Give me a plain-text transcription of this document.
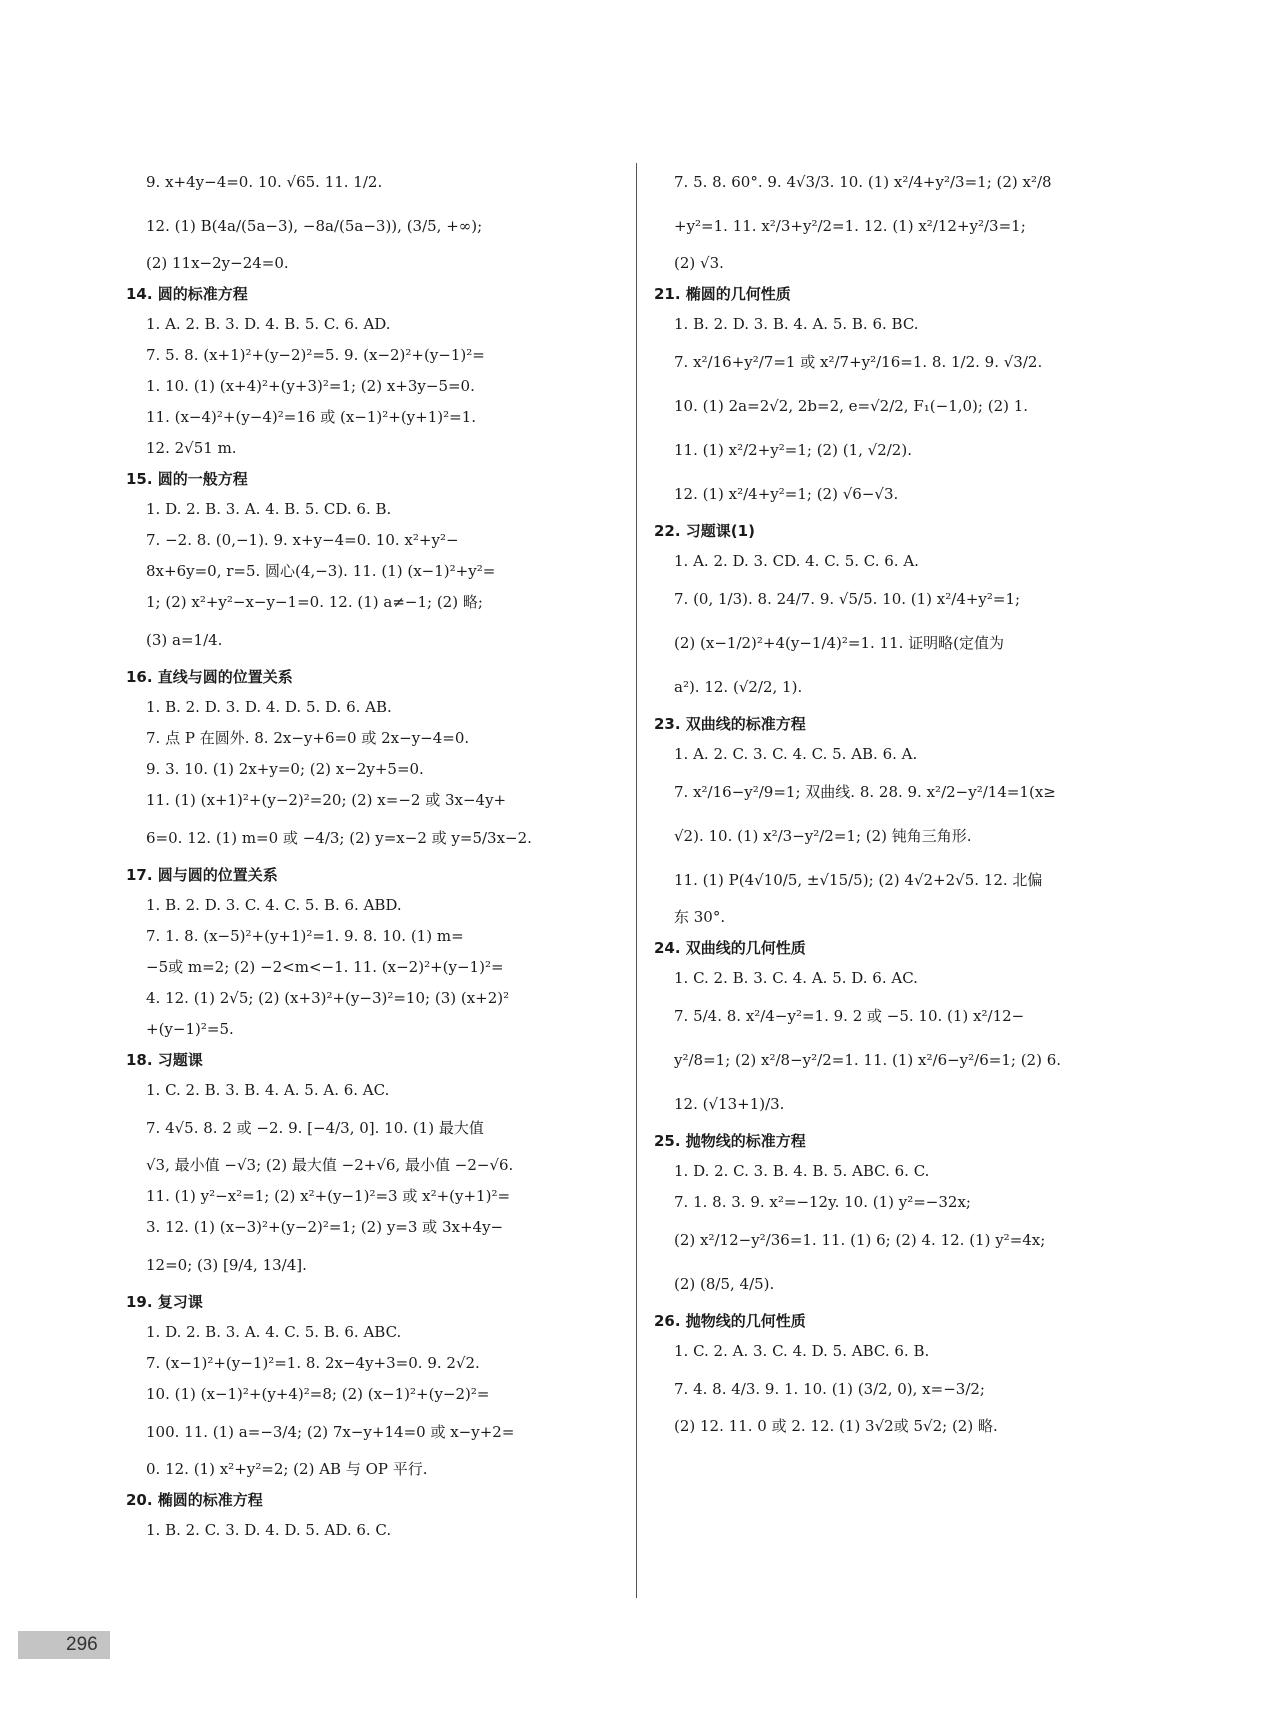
9. x+4y−4=0. 10. √65. 11. 1/2.
12. (1) B(4a/(5a−3), −8a/(5a−3)), (3/5, +∞);
(2) 11x−2y−24=0.
14. 圆的标准方程
1. A. 2. B. 3. D. 4. B. 5. C. 6. AD.
7. 5. 8. (x+1)²+(y−2)²=5. 9. (x−2)²+(y−1)²=
1. 10. (1) (x+4)²+(y+3)²=1; (2) x+3y−5=0.
11. (x−4)²+(y−4)²=16 或 (x−1)²+(y+1)²=1.
12. 2√51 m.
15. 圆的一般方程
1. D. 2. B. 3. A. 4. B. 5. CD. 6. B.
7. −2. 8. (0,−1). 9. x+y−4=0. 10. x²+y²−
8x+6y=0, r=5. 圆心(4,−3). 11. (1) (x−1)²+y²=
1; (2) x²+y²−x−y−1=0. 12. (1) a≠−1; (2) 略;
(3) a=1/4.
16. 直线与圆的位置关系
1. B. 2. D. 3. D. 4. D. 5. D. 6. AB.
7. 点 P 在圆外. 8. 2x−y+6=0 或 2x−y−4=0.
9. 3. 10. (1) 2x+y=0; (2) x−2y+5=0.
11. (1) (x+1)²+(y−2)²=20; (2) x=−2 或 3x−4y+
6=0. 12. (1) m=0 或 −4/3; (2) y=x−2 或 y=5/3x−2.
17. 圆与圆的位置关系
1. B. 2. D. 3. C. 4. C. 5. B. 6. ABD.
7. 1. 8. (x−5)²+(y+1)²=1. 9. 8. 10. (1) m=
−5或 m=2; (2) −2<m<−1. 11. (x−2)²+(y−1)²=
4. 12. (1) 2√5; (2) (x+3)²+(y−3)²=10; (3) (x+2)²
+(y−1)²=5.
18. 习题课
1. C. 2. B. 3. B. 4. A. 5. A. 6. AC.
7. 4√5. 8. 2 或 −2. 9. [−4/3, 0]. 10. (1) 最大值
√3, 最小值 −√3; (2) 最大值 −2+√6, 最小值 −2−√6.
11. (1) y²−x²=1; (2) x²+(y−1)²=3 或 x²+(y+1)²=
3. 12. (1) (x−3)²+(y−2)²=1; (2) y=3 或 3x+4y−
12=0; (3) [9/4, 13/4].
19. 复习课
1. D. 2. B. 3. A. 4. C. 5. B. 6. ABC.
7. (x−1)²+(y−1)²=1. 8. 2x−4y+3=0. 9. 2√2.
10. (1) (x−1)²+(y+4)²=8; (2) (x−1)²+(y−2)²=
100. 11. (1) a=−3/4; (2) 7x−y+14=0 或 x−y+2=
0. 12. (1) x²+y²=2; (2) AB 与 OP 平行.
20. 椭圆的标准方程
1. B. 2. C. 3. D. 4. D. 5. AD. 6. C.
7. 5. 8. 60°. 9. 4√3/3. 10. (1) x²/4+y²/3=1; (2) x²/8
+y²=1. 11. x²/3+y²/2=1. 12. (1) x²/12+y²/3=1;
(2) √3.
21. 椭圆的几何性质
1. B. 2. D. 3. B. 4. A. 5. B. 6. BC.
7. x²/16+y²/7=1 或 x²/7+y²/16=1. 8. 1/2. 9. √3/2.
10. (1) 2a=2√2, 2b=2, e=√2/2, F₁(−1,0); (2) 1.
11. (1) x²/2+y²=1; (2) (1, √2/2).
12. (1) x²/4+y²=1; (2) √6−√3.
22. 习题课(1)
1. A. 2. D. 3. CD. 4. C. 5. C. 6. A.
7. (0, 1/3). 8. 24/7. 9. √5/5. 10. (1) x²/4+y²=1;
(2) (x−1/2)²+4(y−1/4)²=1. 11. 证明略(定值为
a²). 12. (√2/2, 1).
23. 双曲线的标准方程
1. A. 2. C. 3. C. 4. C. 5. AB. 6. A.
7. x²/16−y²/9=1; 双曲线. 8. 28. 9. x²/2−y²/14=1(x≥
√2). 10. (1) x²/3−y²/2=1; (2) 钝角三角形.
11. (1) P(4√10/5, ±√15/5); (2) 4√2+2√5. 12. 北偏
东 30°.
24. 双曲线的几何性质
1. C. 2. B. 3. C. 4. A. 5. D. 6. AC.
7. 5/4. 8. x²/4−y²=1. 9. 2 或 −5. 10. (1) x²/12−
y²/8=1; (2) x²/8−y²/2=1. 11. (1) x²/6−y²/6=1; (2) 6.
12. (√13+1)/3.
25. 抛物线的标准方程
1. D. 2. C. 3. B. 4. B. 5. ABC. 6. C.
7. 1. 8. 3. 9. x²=−12y. 10. (1) y²=−32x;
(2) x²/12−y²/36=1. 11. (1) 6; (2) 4. 12. (1) y²=4x;
(2) (8/5, 4/5).
26. 抛物线的几何性质
1. C. 2. A. 3. C. 4. D. 5. ABC. 6. B.
7. 4. 8. 4/3. 9. 1. 10. (1) (3/2, 0), x=−3/2;
(2) 12. 11. 0 或 2. 12. (1) 3√2或 5√2; (2) 略.
296
